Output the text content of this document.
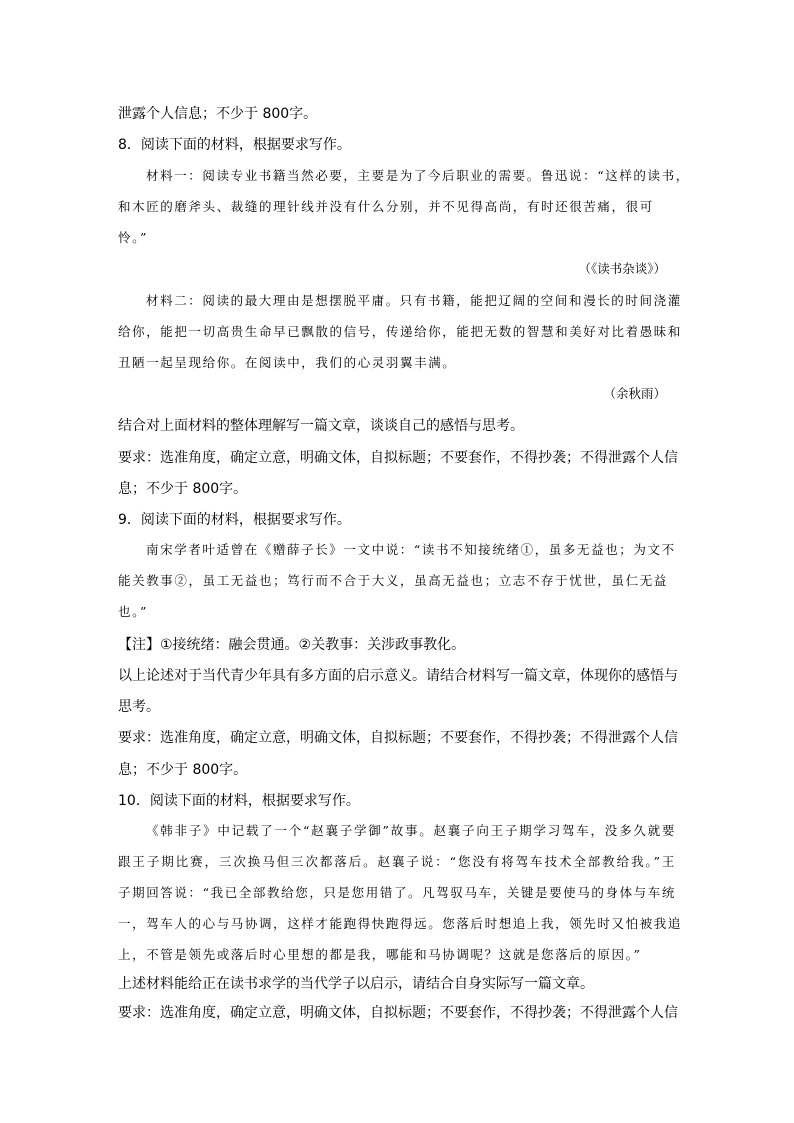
泄露个人信息；不少于 800字。
8．阅读下面的材料，根据要求写作。
材料一：阅读专业书籍当然必要，主要是为了今后职业的需要。鲁迅说：“这样的读书，
和木匠的磨斧头、裁缝的理针线并没有什么分别，并不见得高尚，有时还很苦痛，很可
怜。”
（《读书杂谈》）
材料二：阅读的最大理由是想摆脱平庸。只有书籍，能把辽阔的空间和漫长的时间浇灌
给你，能把一切高贵生命早已飘散的信号，传递给你，能把无数的智慧和美好对比着愚昧和
丑陋一起呈现给你。在阅读中，我们的心灵羽翼丰满。
（余秋雨）
结合对上面材料的整体理解写一篇文章，谈谈自己的感悟与思考。
要求：选准角度，确定立意，明确文体，自拟标题；不要套作，不得抄袭；不得泄露个人信
息；不少于 800字。
9．阅读下面的材料，根据要求写作。
南宋学者叶适曾在《赠薛子长》一文中说：“读书不知接统绪①，虽多无益也；为文不
能关教事②，虽工无益也；笃行而不合于大义，虽高无益也；立志不存于忧世，虽仁无益
也。”
【注】①接统绪：融会贯通。②关教事：关涉政事教化。
以上论述对于当代青少年具有多方面的启示意义。请结合材料写一篇文章，体现你的感悟与
思考。
要求：选准角度，确定立意，明确文体，自拟标题；不要套作，不得抄袭；不得泄露个人信
息；不少于 800字。
10．阅读下面的材料，根据要求写作。
《韩非子》中记载了一个“赵襄子学御”故事。赵襄子向王子期学习驾车，没多久就要
跟王子期比赛，三次换马但三次都落后。赵襄子说：“您没有将驾车技术全部教给我。”王
子期回答说：“我已全部教给您，只是您用错了。凡驾驭马车，关键是要使马的身体与车统
一，驾车人的心与马协调，这样才能跑得快跑得远。您落后时想追上我，领先时又怕被我追
上，不管是领先或落后时心里想的都是我，哪能和马协调呢？这就是您落后的原因。”
上述材料能给正在读书求学的当代学子以启示，请结合自身实际写一篇文章。
要求：选准角度，确定立意，明确文体，自拟标题；不要套作，不得抄袭；不得泄露个人信
